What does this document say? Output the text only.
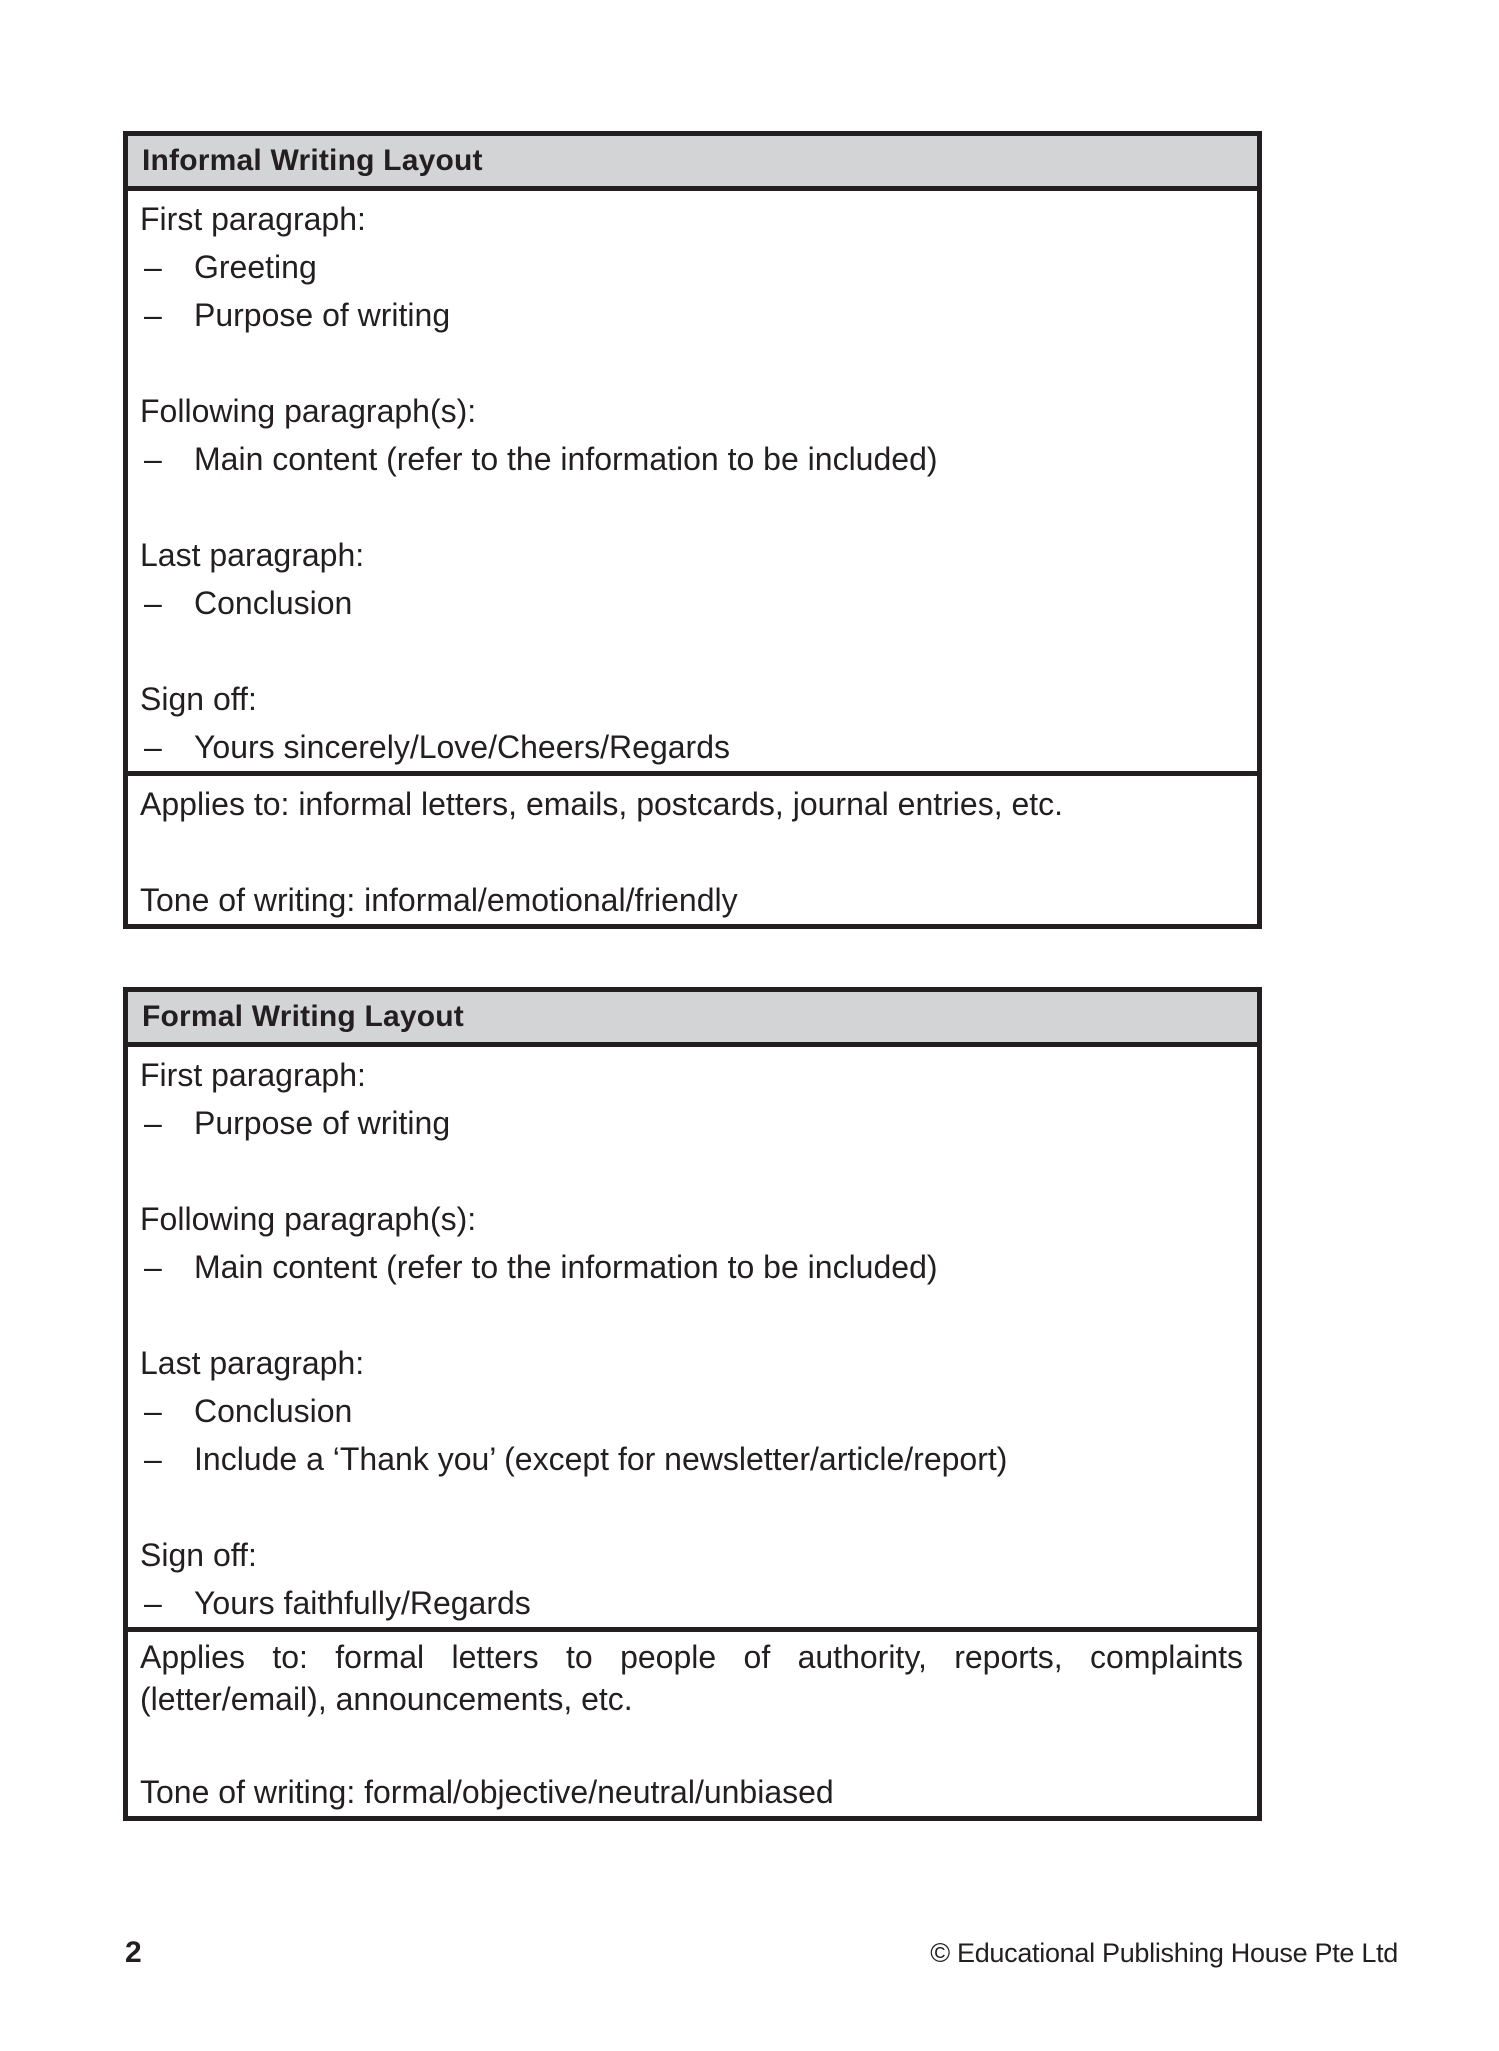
Informal Writing Layout

First paragraph:

–	Greeting
–	Purpose of writing

Following paragraph(s):

–	Main content (refer to the information to be included)

Last paragraph:

–	Conclusion

Sign off:

–	Yours sincerely/Love/Cheers/Regards

Applies to: informal letters, emails, postcards, journal entries, etc.

Tone of writing: informal/emotional/friendly

Formal Writing Layout

First paragraph:

–	Purpose of writing

Following paragraph(s):

–	Main content (refer to the information to be included)

Last paragraph:

–	Conclusion
–	Include a ‘Thank you’ (except for newsletter/article/report)

Sign off:

–	Yours faithfully/Regards

Applies to: formal letters to people of authority, reports, complaints (letter/email), announcements, etc.

Tone of writing: formal/objective/neutral/unbiased

2	© Educational Publishing House Pte Ltd
